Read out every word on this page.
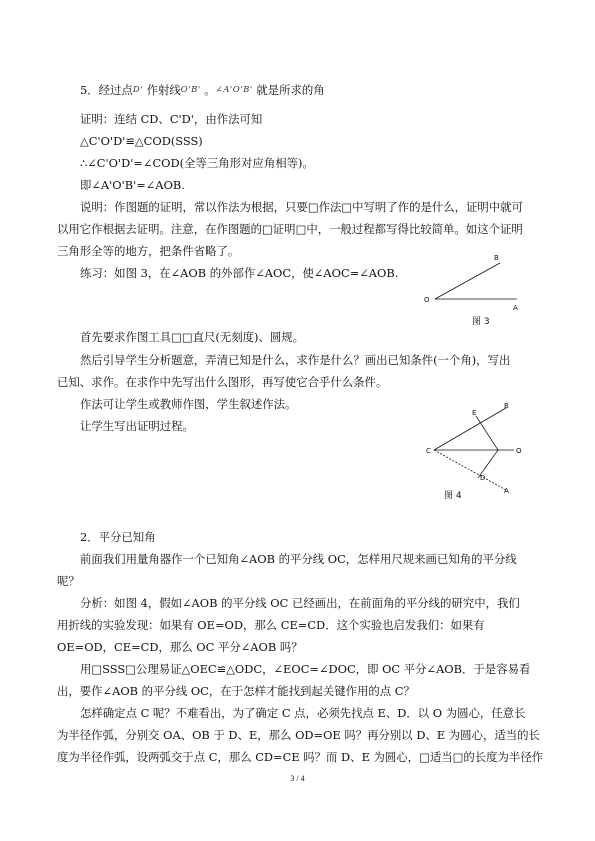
5．经过点D' 作射线O'B' 。∠A'O'B' 就是所求的角
证明：连结 CD、C'D'，由作法可知
△C'O'D'≌△COD(SSS)
∴∠C'O'D'=∠COD(全等三角形对应角相等)。
即∠A'O'B'=∠AOB.
说明：作图题的证明，常以作法为根据，只要□作法□中写明了作的是什么，证明中就可
以用它作根据去证明。注意，在作图题的□证明□中，一般过程都写得比较简单。如这个证明
三角形全等的地方，把条件省略了。
练习：如图 3，在∠AOB 的外部作∠AOC，使∠AOC=∠AOB.
B
O
A
图 3
首先要求作图工具□□直尺(无刻度)、圆规。
然后引导学生分析题意，弄清已知是什么，求作是什么？画出已知条件(一个角)，写出
已知、求作。在求作中先写出什么图形，再写使它合乎什么条件。
作法可让学生或教师作图，学生叙述作法。
让学生写出证明过程。
E
B
C	O
D
A
图 4
2．平分已知角
前面我们用量角器作一个已知角∠AOB 的平分线 OC，怎样用尺规来画已知角的平分线
呢？
分析：如图 4，假如∠AOB 的平分线 OC 已经画出，在前面角的平分线的研究中，我们
用折线的实验发现：如果有 OE=OD，那么 CE=CD．这个实验也启发我们：如果有
OE=OD，CE=CD，那么 OC 平分∠AOB 吗？
用□SSS□公理易证△OEC≌△ODC，∠EOC=∠DOC，即 OC 平分∠AOB．于是容易看
出，要作∠AOB 的平分线 OC，在于怎样才能找到起关键作用的点 C？
怎样确定点 C 呢？不难看出，为了确定 C 点，必须先找点 E、D．以 O 为圆心，任意长
为半径作弧，分别交 OA、OB 于 D、E，那么 OD=OE 吗？再分别以 D、E 为圆心，适当的长
度为半径作弧，设两弧交于点 C，那么 CD=CE 吗？而 D、E 为圆心，□适当□的长度为半径作
3 / 4
